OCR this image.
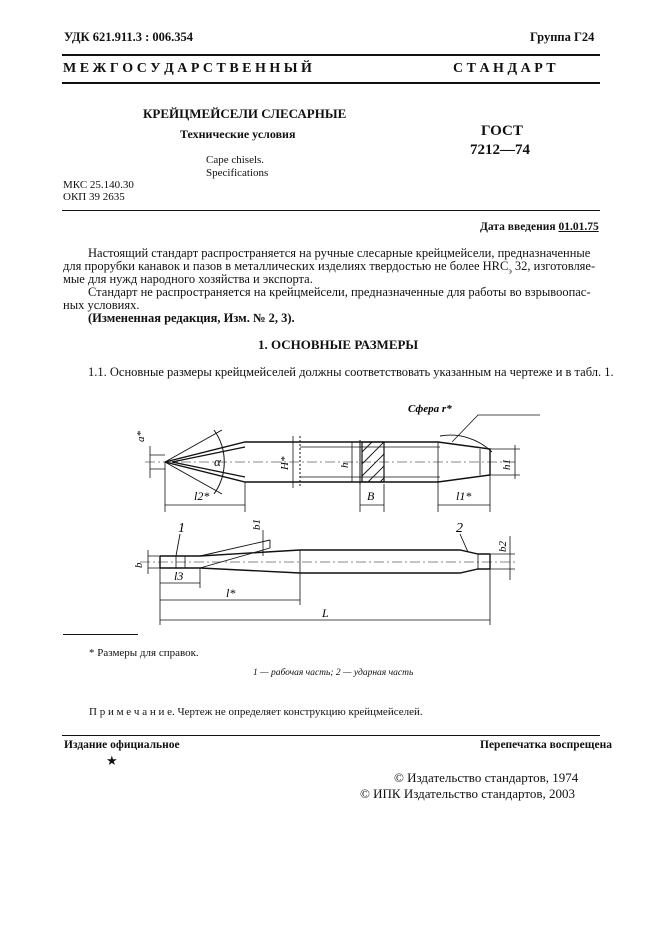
УДК 621.911.3 : 006.354	Группа Г24
М Е Ж Г О С У Д А Р С Т В Е Н Н Ы Й	С Т А Н Д А Р Т
КРЕЙЦМЕЙСЕЛИ СЛЕСАРНЫЕ
Технические условия
Cape chisels.
Specifications
МКС 25.140.30
ОКП 39 2635
ГОСТ
7212—74
Дата введения 01.01.75
Настоящий стандарт распространяется на ручные слесарные крейцмейсели, предназначенные
для прорубки канавок и пазов в металлических изделиях твердостью не более $HRC_э$ 32, изготовляе-
мые для нужд народного хозяйства и экспорта.
Стандарт не распространяется на крейцмейсели, предназначенные для работы во взрывоопас-
ных условиях.
(Измененная редакция, Изм. № 2, 3).
1. ОСНОВНЫЕ РАЗМЕРЫ
1.1. Основные размеры крейцмейселей должны соответствовать указанным на чертеже и в табл. 1.
Сфера r*
a*
α	H*	h	h1
l2*	B	l1*
1	2
b
b1
b2
l3
l*
L
* Размеры для справок.
1 — рабочая часть; 2 — ударная часть
П р и м е ч а н и е. Чертеж не определяет конструкцию крейцмейселей.
Издание официальное	Перепечатка воспрещена
★
© Издательство стандартов, 1974
© ИПК Издательство стандартов, 2003
